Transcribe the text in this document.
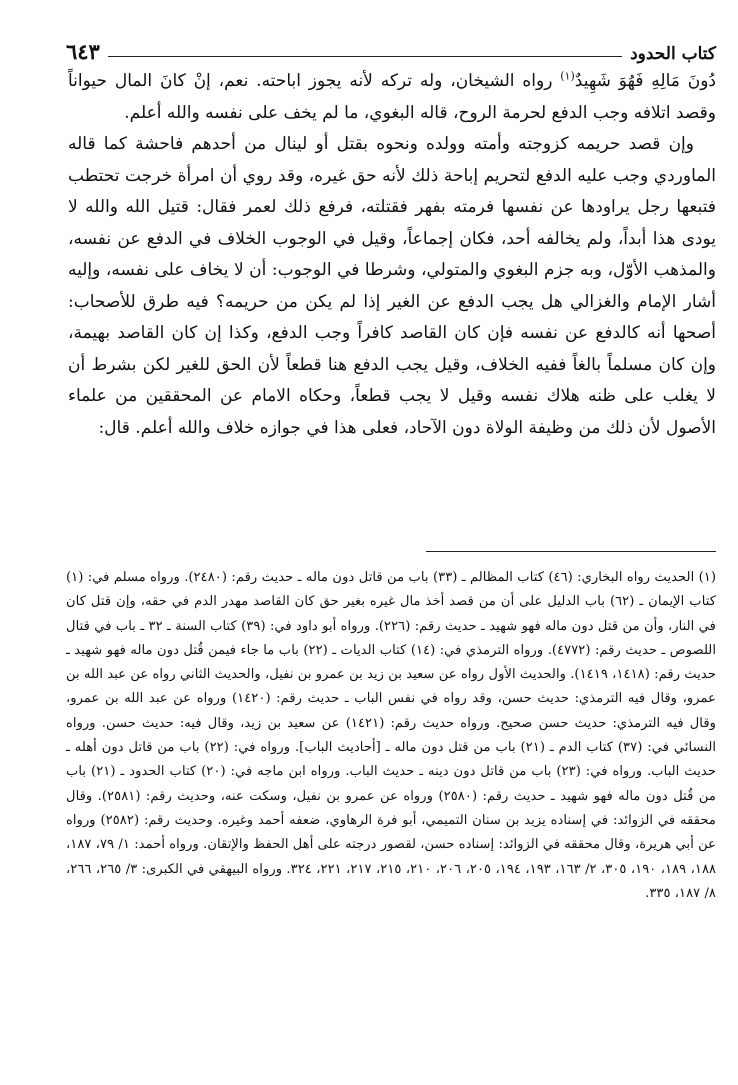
كتاب الحدود
٦٤٣

دُونَ مَالِهِ فَهُوَ شَهِيدٌ$^{(١)}$ رواه الشيخان، وله تركه لأنه يجوز اباحته. نعم، إنْ كانَ المال حيواناً وقصد اتلافه وجب الدفع لحرمة الروح، قاله البغوي، ما لم يخف على نفسه والله أعلم.

وإن قصد حريمه كزوجته وأمته وولده ونحوه بقتل أو لينال من أحدهم فاحشة كما قاله الماوردي وجب عليه الدفع لتحريم إباحة ذلك لأنه حق غيره، وقد روي أن امرأة خرجت تحتطب فتبعها رجل يراودها عن نفسها فرمته بفهر فقتلته، فرفع ذلك لعمر فقال: قتيل الله والله لا يودى هذا أبداً، ولم يخالفه أحد، فكان إجماعاً، وقيل في الوجوب الخلاف في الدفع عن نفسه، والمذهب الأوّل، وبه جزم البغوي والمتولي، وشرطا في الوجوب: أن لا يخاف على نفسه، وإليه أشار الإمام والغزالي هل يجب الدفع عن الغير إذا لم يكن من حريمه؟ فيه طرق للأصحاب: أصحها أنه كالدفع عن نفسه فإن كان القاصد كافراً وجب الدفع، وكذا إن كان القاصد بهيمة، وإن كان مسلماً بالغاً ففيه الخلاف، وقيل يجب الدفع هنا قطعاً لأن الحق للغير لكن بشرط أن لا يغلب على ظنه هلاك نفسه وقيل لا يجب قطعاً، وحكاه الامام عن المحققين من علماء الأصول لأن ذلك من وظيفة الولاة دون الآحاد، فعلى هذا في جوازه خلاف والله أعلم. قال:

(١) الحديث رواه البخاري: (٤٦) كتاب المظالم ـ (٣٣) باب من قاتل دون ماله ـ حديث رقم: (٢٤٨٠). ورواه مسلم في: (١) كتاب الإيمان ـ (٦٢) باب الدليل على أن من قصد أخذ مال غيره بغير حق كان القاصد مهدر الدم في حقه، وإن قتل كان في النار، وأن من قتل دون ماله فهو شهيد ـ حديث رقم: (٢٢٦). ورواه أبو داود في: (٣٩) كتاب السنة ـ ٣٢ ـ باب في قتال اللصوص ـ حديث رقم: (٤٧٧٢). ورواه الترمذي في: (١٤) كتاب الديات ـ (٢٢) باب ما جاء فيمن قُتل دون ماله فهو شهيد ـ حديث رقم: (١٤١٨، ١٤١٩). والحديث الأول رواه عن سعيد بن زيد بن عمرو بن نفيل، والحديث الثاني رواه عن عبد الله بن عمرو، وقال فيه الترمذي: حديث حسن، وقد رواه في نفس الباب ـ حديث رقم: (١٤٢٠) ورواه عن عبد الله بن عمرو، وقال فيه الترمذي: حديث حسن صحيح. ورواه حديث رقم: (١٤٢١) عن سعيد بن زيد، وقال فيه: حديث حسن. ورواه النسائي في: (٣٧) كتاب الدم ـ (٢١) باب من قتل دون ماله ـ [أحاديث الباب]. ورواه في: (٢٢) باب من قاتل دون أهله ـ حديث الباب. ورواه في: (٢٣) باب من قاتل دون دينه ـ حديث الباب. ورواه ابن ماجه في: (٢٠) كتاب الحدود ـ (٢١) باب من قُتل دون ماله فهو شهيد ـ حديث رقم: (٢٥٨٠) ورواه عن عمرو بن نفيل، وسكت عنه، وحديث رقم: (٢٥٨١). وقال محققه في الزوائد: في إسناده يزيد بن سنان التميمي، أبو فرة الرهاوي، ضعفه أحمد وغيره. وحديث رقم: (٢٥٨٢) ورواه عن أبي هريرة، وقال محققه في الزوائد: إسناده حسن، لقصور درجته على أهل الحفظ والإتقان. ورواه أحمد: ١/ ٧٩، ١٨٧، ١٨٨، ١٨٩، ١٩٠، ٣٠٥، ٢/ ١٦٣، ١٩٣، ١٩٤، ٢٠٥، ٢٠٦، ٢١٠، ٢١٥، ٢١٧، ٢٢١، ٣٢٤. ورواه البيهقي في الكبرى: ٣/ ٢٦٥، ٢٦٦، ٨/ ١٨٧، ٣٣٥.
